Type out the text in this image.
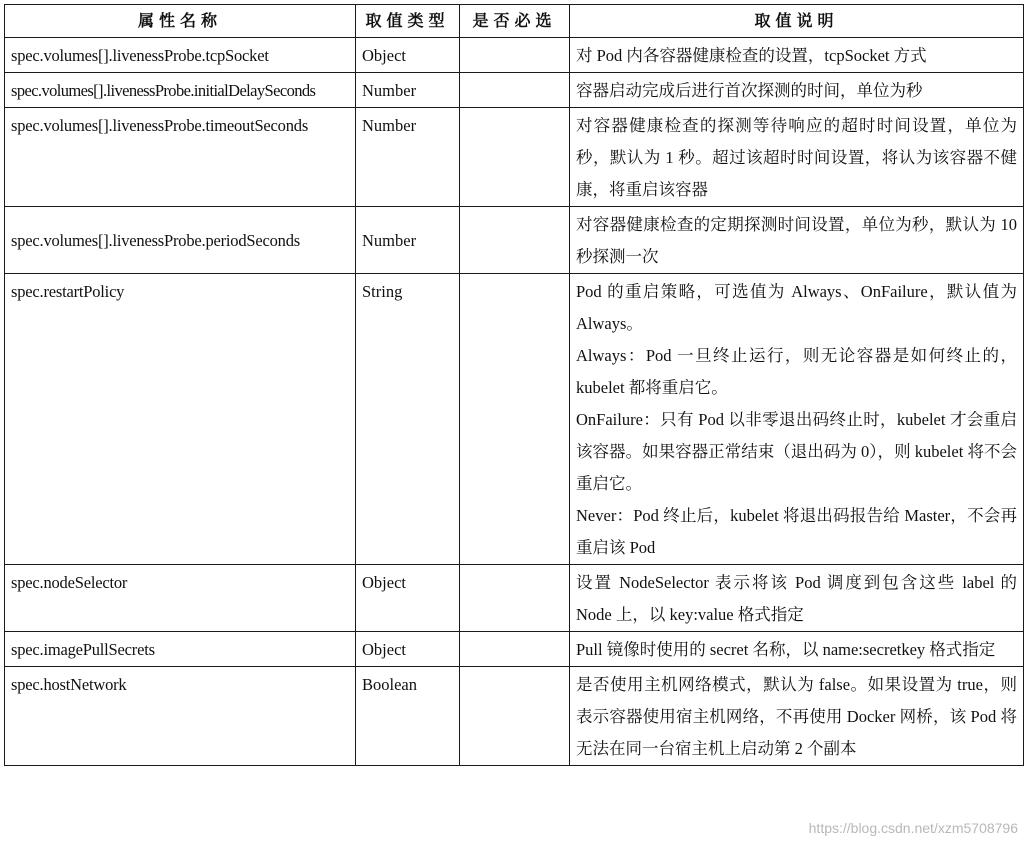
属性名称	取值类型	是否必选	取值说明
spec.volumes[].livenessProbe.tcpSocket	Object		对 Pod 内各容器健康检查的设置，tcpSocket 方式

spec.volumes[].livenessProbe.initialDelaySeconds	Number		容器启动完成后进行首次探测的时间，单位为秒

spec.volumes[].livenessProbe.timeoutSeconds	Number		对容器健康检查的探测等待响应的超时时间设置，单位为秒，默认为 1 秒。超过该超时时间设置，将认为该容器不健康，将重启该容器

spec.volumes[].livenessProbe.periodSeconds	Number		对容器健康检查的定期探测时间设置，单位为秒，默认为 10 秒探测一次

spec.restartPolicy	String		Pod 的重启策略，可选值为 Always、OnFailure，默认值为 Always。

Always：Pod 一旦终止运行，则无论容器是如何终止的，kubelet 都将重启它。

OnFailure：只有 Pod 以非零退出码终止时，kubelet 才会重启该容器。如果容器正常结束（退出码为 0），则 kubelet 将不会重启它。

Never：Pod 终止后，kubelet 将退出码报告给 Master，不会再重启该 Pod

spec.nodeSelector	Object		设置 NodeSelector 表示将该 Pod 调度到包含这些 label 的 Node 上，以 key:value 格式指定

spec.imagePullSecrets	Object		Pull 镜像时使用的 secret 名称，以 name:secretkey 格式指定

spec.hostNetwork	Boolean		是否使用主机网络模式，默认为 false。如果设置为 true，则表示容器使用宿主机网络，不再使用 Docker 网桥，该 Pod 将无法在同一台宿主机上启动第 2 个副本

https://blog.csdn.net/xzm5708796
